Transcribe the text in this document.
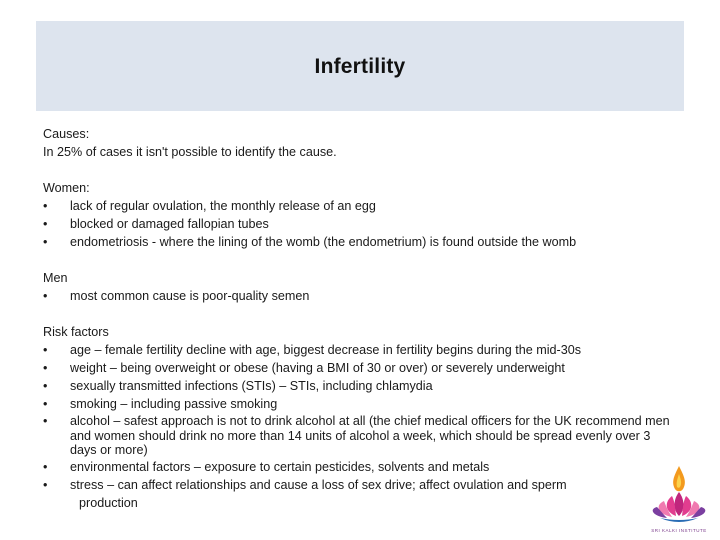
Infertility

Causes:

In 25% of cases it isn't possible to identify the cause.

Women:

• lack of regular ovulation, the monthly release of an egg
• blocked or damaged fallopian tubes
• endometriosis - where the lining of the womb (the endometrium) is found outside the womb

Men

• most common cause is poor-quality semen

Risk factors

• age – female fertility decline with age, biggest decrease in fertility begins during the mid-30s
• weight – being overweight or obese (having a BMI of 30 or over) or severely underweight
• sexually transmitted infections (STIs) – STIs, including chlamydia
• smoking – including passive smoking
• alcohol – safest approach is not to drink alcohol at all (the chief medical officers for the UK recommend men and women should drink no more than 14 units of alcohol a week, which should be spread evenly over 3 days or more)
• environmental factors – exposure to certain pesticides, solvents and metals
• stress – can affect relationships and cause a loss of sex drive; affect ovulation and sperm

production

SRI KALKI INSTITUTE
